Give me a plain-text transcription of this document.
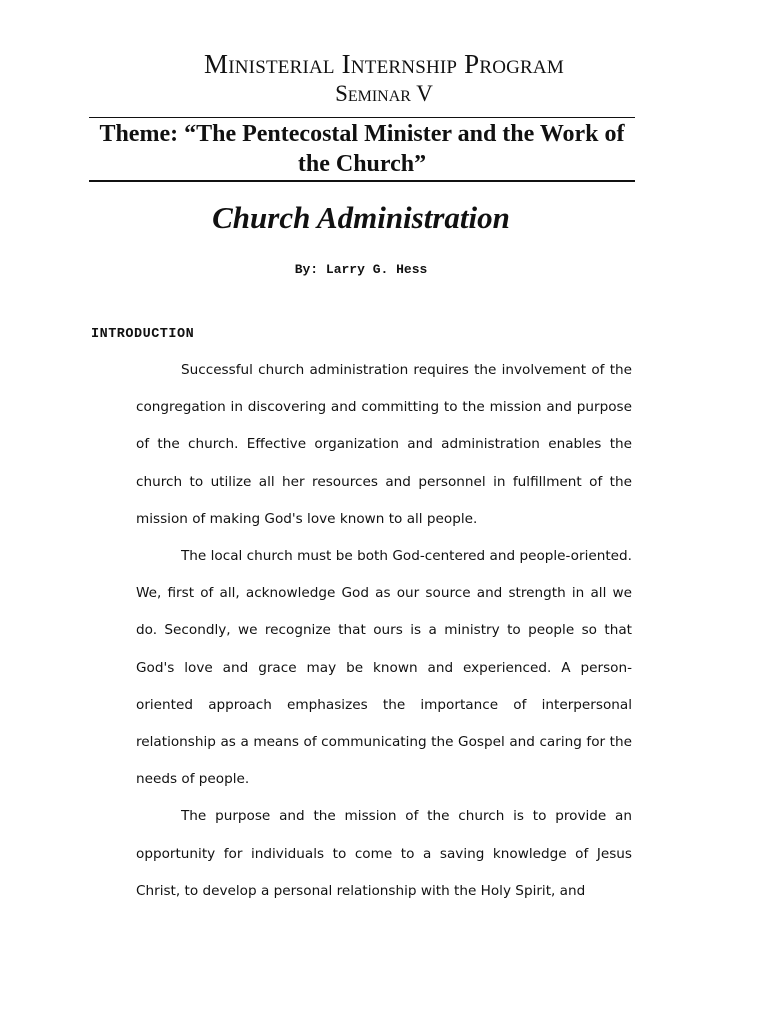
Ministerial Internship Program
Seminar V
Theme: “The Pentecostal Minister and the Work of the Church”
Church Administration
By: Larry G. Hess
INTRODUCTION

Successful church administration requires the involvement of the congregation in discovering and committing to the mission and purpose of the church. Effective organization and administration enables the church to utilize all her resources and personnel in fulfillment of the mission of making God's love known to all people.

The local church must be both God-centered and people-oriented. We, first of all, acknowledge God as our source and strength in all we do. Secondly, we recognize that ours is a ministry to people so that God's love and grace may be known and experienced. A person-oriented approach emphasizes the importance of interpersonal relationship as a means of communicating the Gospel and caring for the needs of people.

The purpose and the mission of the church is to provide an opportunity for individuals to come to a saving knowledge of Jesus Christ, to develop a personal relationship with the Holy Spirit, and
